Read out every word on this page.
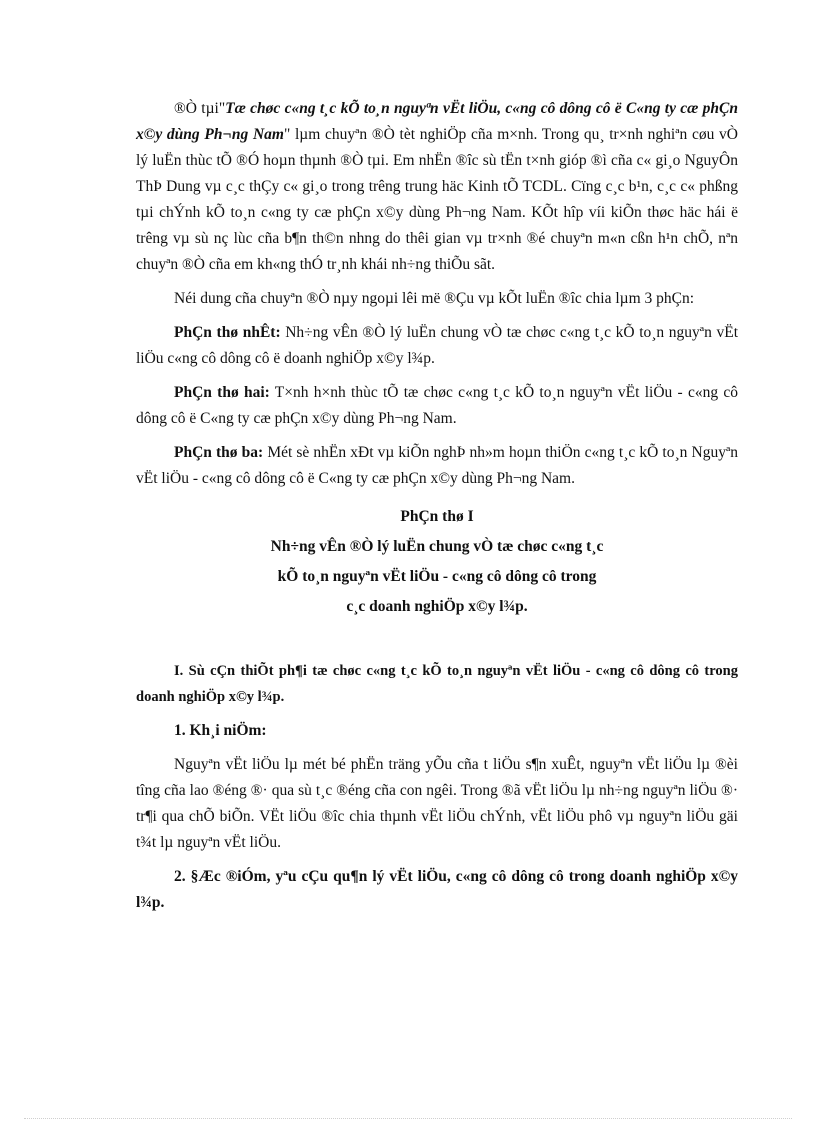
®Ò tµi"Tæ chøc c«ng t¸c kÕ to¸n nguyªn vËt liÖu, c«ng cô dông cô ë C«ng ty cæ phÇn x©y dùng Ph¬ng Nam" lµm chuyªn ®Ò tèt nghiÖp cña m×nh. Trong qu¸ tr×nh nghiªn cøu vÒ lý luËn thùc tÕ ®Ó hoµn thµnh ®Ò tµi. Em nhËn ®îc sù tËn t×nh gióp ®ì cña c« gi¸o NguyÔn ThÞ Dung vµ c¸c thÇy c« gi¸o trong trêng trung häc Kinh tÕ TCDL. Cïng c¸c b¹n, c¸c c« phßng tµi chÝnh kÕ to¸n c«ng ty cæ phÇn x©y dùng Ph¬ng Nam. KÕt hîp víi kiÕn thøc häc hái ë trêng vµ sù nç lùc cña b¶n th©n nhng do thêi gian vµ tr×nh ®é chuyªn m«n cßn h¹n chÕ, nªn chuyªn ®Ò cña em kh«ng thÓ tr¸nh khái nh÷ng thiÕu sãt.

Néi dung cña chuyªn ®Ò nµy ngoµi lêi më ®Çu vµ kÕt luËn ®îc chia lµm 3 phÇn:

PhÇn thø nhÊt: Nh÷ng vÊn ®Ò lý luËn chung vÒ tæ chøc c«ng t¸c kÕ to¸n nguyªn vËt liÖu c«ng cô dông cô ë doanh nghiÖp x©y l¾p.

PhÇn thø hai: T×nh h×nh thùc tÕ tæ chøc c«ng t¸c kÕ to¸n nguyªn vËt liÖu - c«ng cô dông cô ë C«ng ty cæ phÇn x©y dùng Ph¬ng Nam.

PhÇn thø ba: Mét sè nhËn xÐt vµ kiÕn nghÞ nh»m hoµn thiÖn c«ng t¸c kÕ to¸n Nguyªn vËt liÖu - c«ng cô dông cô ë C«ng ty cæ phÇn x©y dùng Ph¬ng Nam.

PhÇn thø I

Nh÷ng vÊn ®Ò lý luËn chung vÒ tæ chøc c«ng t¸c

kÕ to¸n nguyªn vËt liÖu - c«ng cô dông cô trong

c¸c doanh nghiÖp x©y l¾p.

I. Sù cÇn thiÕt ph¶i tæ chøc c«ng t¸c kÕ to¸n nguyªn vËt liÖu - c«ng cô dông cô trong doanh nghiÖp x©y l¾p.

1. Kh¸i niÖm:

Nguyªn vËt liÖu lµ mét bé phËn träng yÕu cña t liÖu s¶n xuÊt, nguyªn vËt liÖu lµ ®èi tîng cña lao ®éng ®· qua sù t¸c ®éng cña con ngêi. Trong ®ã vËt liÖu lµ nh÷ng nguyªn liÖu ®· tr¶i qua chÕ biÕn. VËt liÖu ®îc chia thµnh vËt liÖu chÝnh, vËt liÖu phô vµ nguyªn liÖu gäi t¾t lµ nguyªn vËt liÖu.

2. §Æc ®iÓm, yªu cÇu qu¶n lý vËt liÖu, c«ng cô dông cô trong doanh nghiÖp x©y l¾p.
